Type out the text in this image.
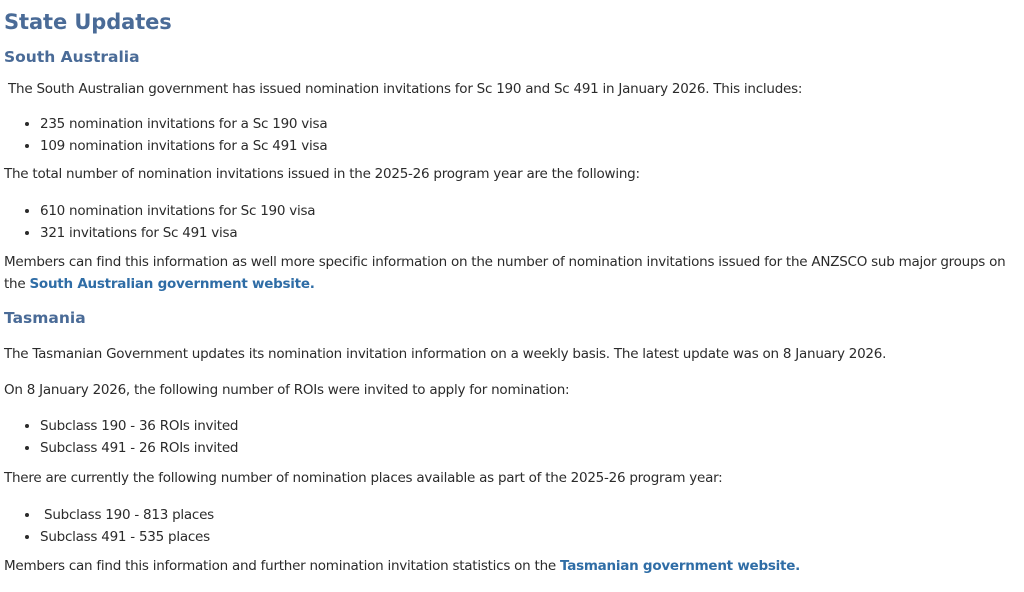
State Updates
South Australia

The South Australian government has issued nomination invitations for Sc 190 and Sc 491 in January 2026. This includes:

• 235 nomination invitations for a Sc 190 visa
• 109 nomination invitations for a Sc 491 visa

The total number of nomination invitations issued in the 2025-26 program year are the following:

• 610 nomination invitations for Sc 190 visa
• 321 invitations for Sc 491 visa

Members can find this information as well more specific information on the number of nomination invitations issued for the ANZSCO sub major groups on the South Australian government website.

Tasmania

The Tasmanian Government updates its nomination invitation information on a weekly basis. The latest update was on 8 January 2026.

On 8 January 2026, the following number of ROIs were invited to apply for nomination:

• Subclass 190 - 36 ROIs invited
• Subclass 491 - 26 ROIs invited

There are currently the following number of nomination places available as part of the 2025-26 program year:

•  Subclass 190 - 813 places
• Subclass 491 - 535 places

Members can find this information and further nomination invitation statistics on the Tasmanian government website.
